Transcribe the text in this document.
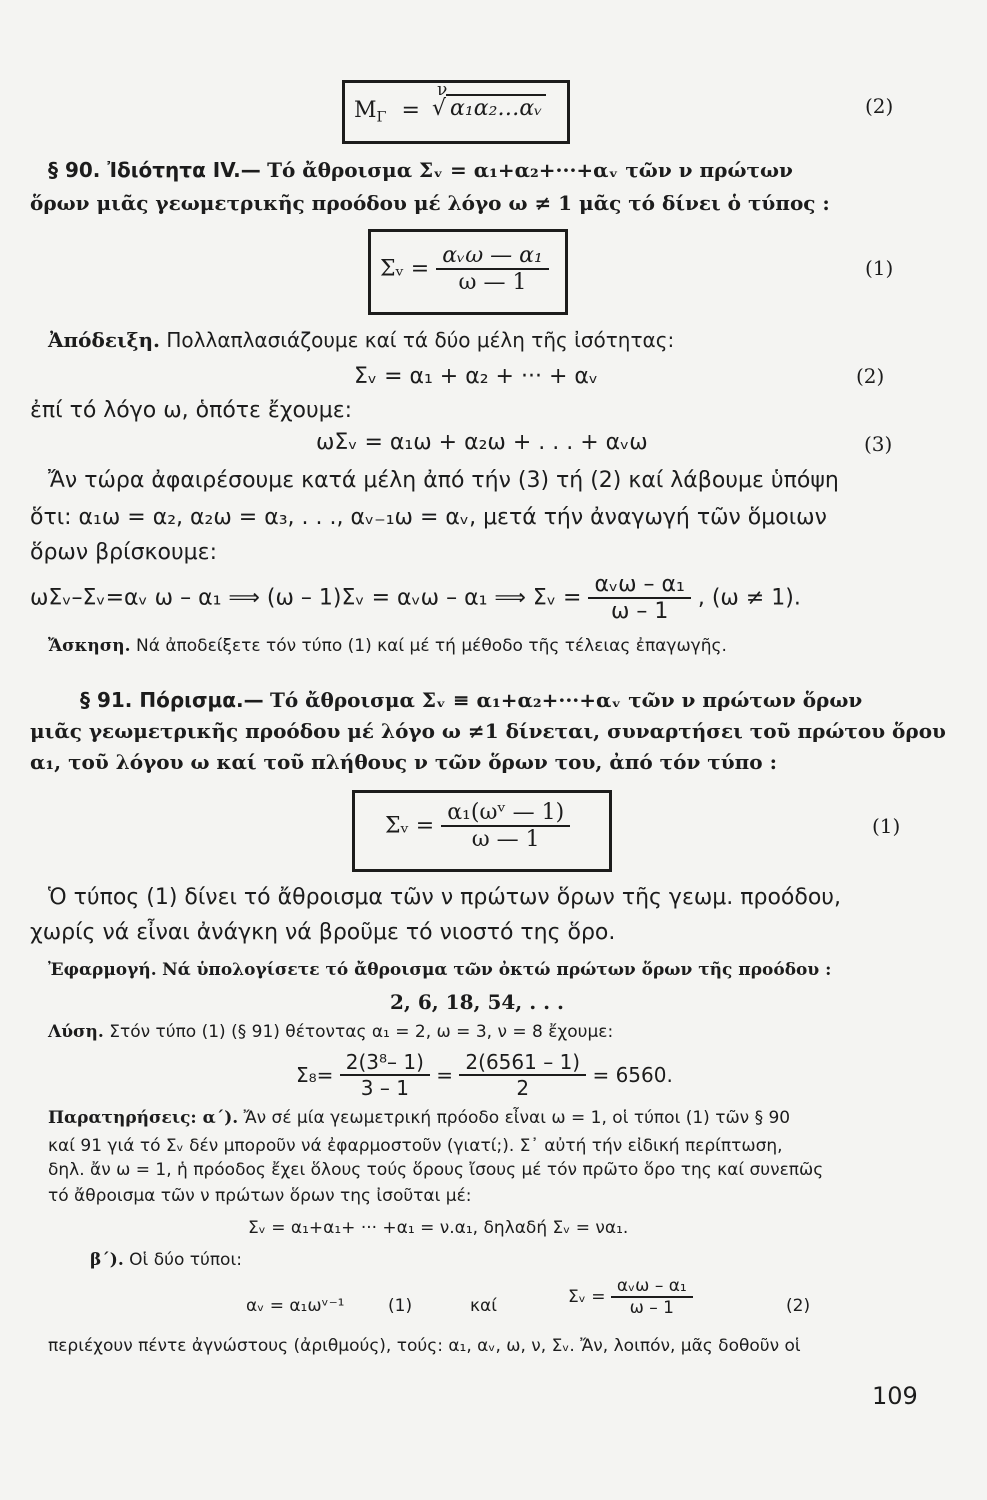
$M_\Gamma$ =
ν
√ α₁α₂…αᵥ	(2)
§ 90. Ἰδιότητα IV.— Τό ἄθροισμα Σᵥ = α₁+α₂+···+αᵥ τῶν ν πρώτων
ὅρων μιᾶς γεωμετρικῆς προόδου μέ λόγο ω ≠ 1 μᾶς τό δίνει ὁ τύπος :
Σᵥ = $\frac{\text{αᵥω — α₁}}{\omega — 1}$	(1)
Ἀπόδειξη. Πολλαπλασιάζουμε καί τά δύο μέλη τῆς ἰσότητας:
Σᵥ = α₁ + α₂ + ··· + αᵥ	(2)
ἐπί τό λόγο ω, ὁπότε ἔχουμε:
ωΣᵥ = α₁ω + α₂ω + . . . + αᵥω	(3)
Ἄν τώρα ἀφαιρέσουμε κατά μέλη ἀπό τήν (3) τή (2) καί λάβουμε ὑπόψη
ὅτι: α₁ω = α₂, α₂ω = α₃, . . ., αᵥ₋₁ω = αᵥ, μετά τήν ἀναγωγή τῶν ὅμοιων
ὅρων βρίσκουμε:
ωΣᵥ–Σᵥ=αᵥ ω – α₁ ⟹ (ω – 1)Σᵥ = αᵥω – α₁ ⟹ Σᵥ = $\frac{\text{αᵥω – α₁}}{\omega - 1}$ , (ω ≠ 1).
Ἄσκηση. Νά ἀποδείξετε τόν τύπο (1) καί μέ τή μέθοδο τῆς τέλειας ἐπαγωγῆς.
§ 91. Πόρισμα.— Τό ἄθροισμα Σᵥ ≡ α₁+α₂+···+αᵥ τῶν ν πρώτων ὅρων
μιᾶς γεωμετρικῆς προόδου μέ λόγο ω ≠1 δίνεται, συναρτήσει τοῦ πρώτου ὅρου
α₁, τοῦ λόγου ω καί τοῦ πλήθους ν τῶν ὅρων του, ἀπό τόν τύπο :
Σᵥ = $\frac{\text{α₁(ωᵛ — 1)}}{\omega — 1}$	(1)
Ὁ τύπος (1) δίνει τό ἄθροισμα τῶν ν πρώτων ὅρων τῆς γεωμ. προόδου,
χωρίς νά εἶναι ἀνάγκη νά βροῦμε τό νιοστό της ὅρο.
Ἐφαρμογή. Νά ὑπολογίσετε τό ἄθροισμα τῶν ὀκτώ πρώτων ὅρων τῆς προόδου :
2, 6, 18, 54, . . .
Λύση. Στόν τύπο (1) (§ 91) θέτοντας α₁ = 2, ω = 3, ν = 8 ἔχουμε:
$\Sigma_8= \frac{\text{2(3⁸– 1)}}{3 - 1} = \frac{2(6561 - 1)}{2} = 6560$.
Παρατηρήσεις: α΄). Ἄν σέ μία γεωμετρική πρόοδο εἶναι ω = 1, οἱ τύποι (1) τῶν § 90
καί 91 γιά τό Σᵥ δέν μποροῦν νά ἐφαρμοστοῦν (γιατί;). Σ᾿ αὐτή τήν εἰδική περίπτωση,
δηλ. ἄν ω = 1, ἡ πρόοδος ἔχει ὅλους τούς ὅρους ἴσους μέ τόν πρῶτο ὅρο της καί συνεπῶς
τό ἄθροισμα τῶν ν πρώτων ὅρων της ἰσοῦται μέ:
Σᵥ = α₁+α₁+ ··· +α₁ = ν.α₁, δηλαδή Σᵥ = να₁.
β΄). Οἱ δύο τύποι:
αᵥ = α₁ωᵛ⁻¹	(1)	καί	Σᵥ = $\frac{\text{αᵥω – α₁}}{\omega - 1}$	(2)
περιέχουν πέντε ἀγνώστους (ἀριθμούς), τούς: α₁, αᵥ, ω, ν, Σᵥ. Ἄν, λοιπόν, μᾶς δοθοῦν οἱ
109
